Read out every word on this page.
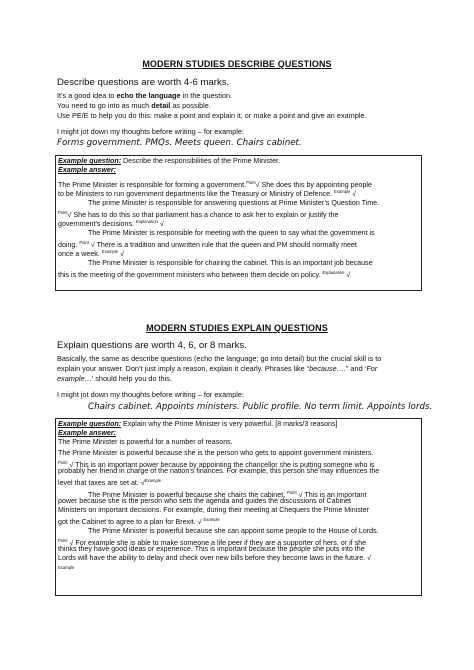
MODERN STUDIES DESCRIBE QUESTIONS
Describe questions are worth 4-6 marks.
It’s a good idea to echo the language in the question.
You need to go into as much detail as possible.
Use PE/E to help you do this: make a point and explain it, or make a point and give an example.
I might jot down my thoughts before writing – for example:
Forms government. PMQs. Meets queen. Chairs cabinet.
Example question: Describe the responsibilities of the Prime Minister.
Example answer:
The Prime Minister is responsible for forming a government.$^{Point}$√ She does this by appointing people
to be Ministers to run government departments like the Treasury or Ministry of Defence. $^{Example}$ √
The prime Minister is responsible for answering questions at Prime Minister’s Question Time.
$^{Point}$√ She has to do this so that parliament has a chance to ask her to explain or justify the
government’s decisions. $^{Explanation}$ √
The Prime Minister is responsible for meeting with the queen to say what the government is
doing. $^{Point}$ √ There is a tradition and unwritten rule that the queen and PM should normally meet
once a week. $^{Example}$ √
The Prime Minister is responsible for chairing the cabinet. This is an important job because
this is the meeting of the government ministers who between them decide on policy. $^{Explanation}$ √
MODERN STUDIES EXPLAIN QUESTIONS
Explain questions are worth 4, 6, or 8 marks.
Basically, the same as describe questions (echo the language; go into detail) but the crucial skill is to
explain your answer. Don’t just imply a reason, explain it clearly. Phrases like “because….” and ‘For
example…’ should help you do this.
I might jot down my thoughts before writing – for example:
Chairs cabinet. Appoints ministers. Public profile. No term limit. Appoints lords.
Example question: Explain why the Prime Minister is very powerful. [8 marks/3 reasons]
Example answer:
The Prime Minister is powerful for a number of reasons.
The Prime Minister is powerful because she is the person who gets to appoint government ministers.
$^{Point}$ √ This is an important power because by appointing the chancellor she is putting someone who is
probably her friend in charge of the nation’s finances. For example, this person she may influences the
level that taxes are set at. √$^{Example}$
The Prime Minister is powerful because she chairs the cabinet. $^{Point}$ √ This is an important
power because she is the person who sets the agenda and guides the discussions of Cabinet
Ministers on important decisions. For example, during their meeting at Chequers the Prime Minister
got the Cabinet to agree to a plan for Brexit. √ $^{Example}$
The Prime Minister is powerful because she can appoint some people to the House of Lords.
$^{Point}$ √ For example she is able to make someone a life peer if they are a supporter of hers, or if she
thinks they have good ideas or experience. This is important because the people she puts into the
Lords will have the ability to delay and check over new bills before they become laws in the future. √
$^{Example}$
